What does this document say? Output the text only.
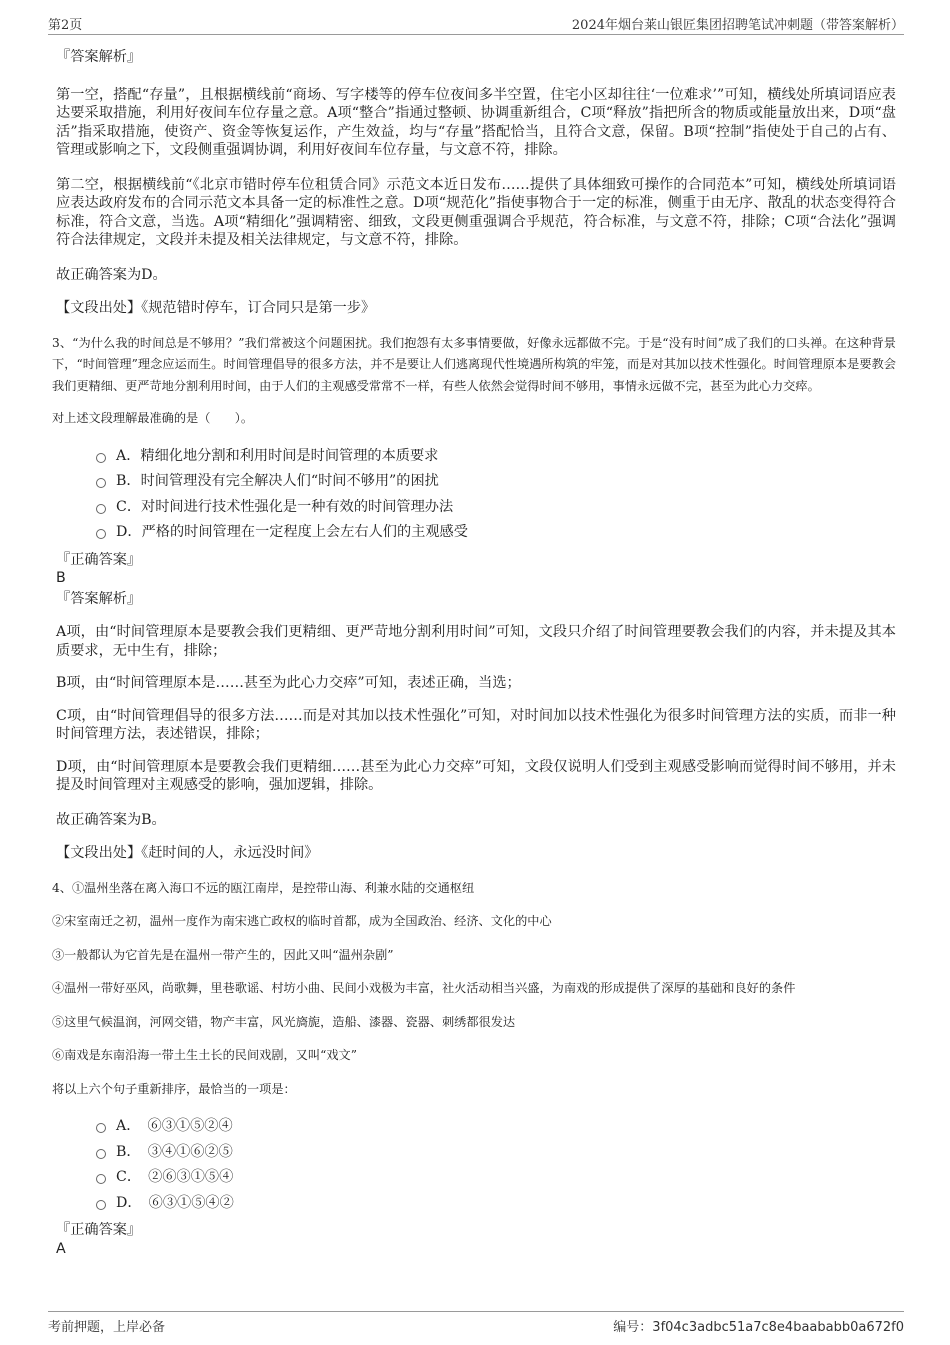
第2页	2024年烟台莱山银匠集团招聘笔试冲刺题（带答案解析）

『答案解析』

第一空，搭配“存量”，且根据横线前“商场、写字楼等的停车位夜间多半空置，住宅小区却往往‘一位难求’”可知，横线处所填词语应表达要采取措施，利用好夜间车位存量之意。A项“整合”指通过整顿、协调重新组合，C项“释放”指把所含的物质或能量放出来，D项“盘活”指采取措施，使资产、资金等恢复运作，产生效益，均与“存量”搭配恰当，且符合文意，保留。B项“控制”指使处于自己的占有、管理或影响之下，文段侧重强调协调，利用好夜间车位存量，与文意不符，排除。

第二空，根据横线前“《北京市错时停车位租赁合同》示范文本近日发布……提供了具体细致可操作的合同范本”可知，横线处所填词语应表达政府发布的合同示范文本具备一定的标准性之意。D项“规范化”指使事物合于一定的标准，侧重于由无序、散乱的状态变得符合标准，符合文意，当选。A项“精细化”强调精密、细致，文段更侧重强调合乎规范，符合标准，与文意不符，排除；C项“合法化”强调符合法律规定，文段并未提及相关法律规定，与文意不符，排除。

故正确答案为D。

【文段出处】《规范错时停车，订合同只是第一步》

3、“为什么我的时间总是不够用？”我们常被这个问题困扰。我们抱怨有太多事情要做，好像永远都做不完。于是“没有时间”成了我们的口头禅。在这种背景下，“时间管理”理念应运而生。时间管理倡导的很多方法，并不是要让人们逃离现代性境遇所构筑的牢笼，而是对其加以技术性强化。时间管理原本是要教会我们更精细、更严苛地分割利用时间，由于人们的主观感受常常不一样，有些人依然会觉得时间不够用，事情永远做不完，甚至为此心力交瘁。

对上述文段理解最准确的是（　　）。

A．精细化地分割和利用时间是时间管理的本质要求
B．时间管理没有完全解决人们“时间不够用”的困扰
C．对时间进行技术性强化是一种有效的时间管理办法
D．严格的时间管理在一定程度上会左右人们的主观感受

『正确答案』

B

『答案解析』

A项，由“时间管理原本是要教会我们更精细、更严苛地分割利用时间”可知，文段只介绍了时间管理要教会我们的内容，并未提及其本质要求，无中生有，排除；

B项，由“时间管理原本是……甚至为此心力交瘁”可知，表述正确，当选；

C项，由“时间管理倡导的很多方法……而是对其加以技术性强化”可知，对时间加以技术性强化为很多时间管理方法的实质，而非一种时间管理方法，表述错误，排除；

D项，由“时间管理原本是要教会我们更精细……甚至为此心力交瘁”可知，文段仅说明人们受到主观感受影响而觉得时间不够用，并未提及时间管理对主观感受的影响，强加逻辑，排除。

故正确答案为B。

【文段出处】《赶时间的人，永远没时间》

4、①温州坐落在离入海口不远的瓯江南岸，是控带山海、利兼水陆的交通枢纽

②宋室南迁之初，温州一度作为南宋逃亡政权的临时首都，成为全国政治、经济、文化的中心

③一般都认为它首先是在温州一带产生的，因此又叫“温州杂剧”

④温州一带好巫风，尚歌舞，里巷歌谣、村坊小曲、民间小戏极为丰富，社火活动相当兴盛，为南戏的形成提供了深厚的基础和良好的条件

⑤这里气候温润，河网交错，物产丰富，风光旖旎，造船、漆器、瓷器、刺绣都很发达

⑥南戏是东南沿海一带土生土长的民间戏剧，又叫“戏文”

将以上六个句子重新排序，最恰当的一项是：

A．　⑥③①⑤②④
B．　③④①⑥②⑤
C．　②⑥③①⑤④
D．　⑥③①⑤④②

『正确答案』

A

考前押题，上岸必备	编号：3f04c3adbc51a7c8e4baababb0a672f0
